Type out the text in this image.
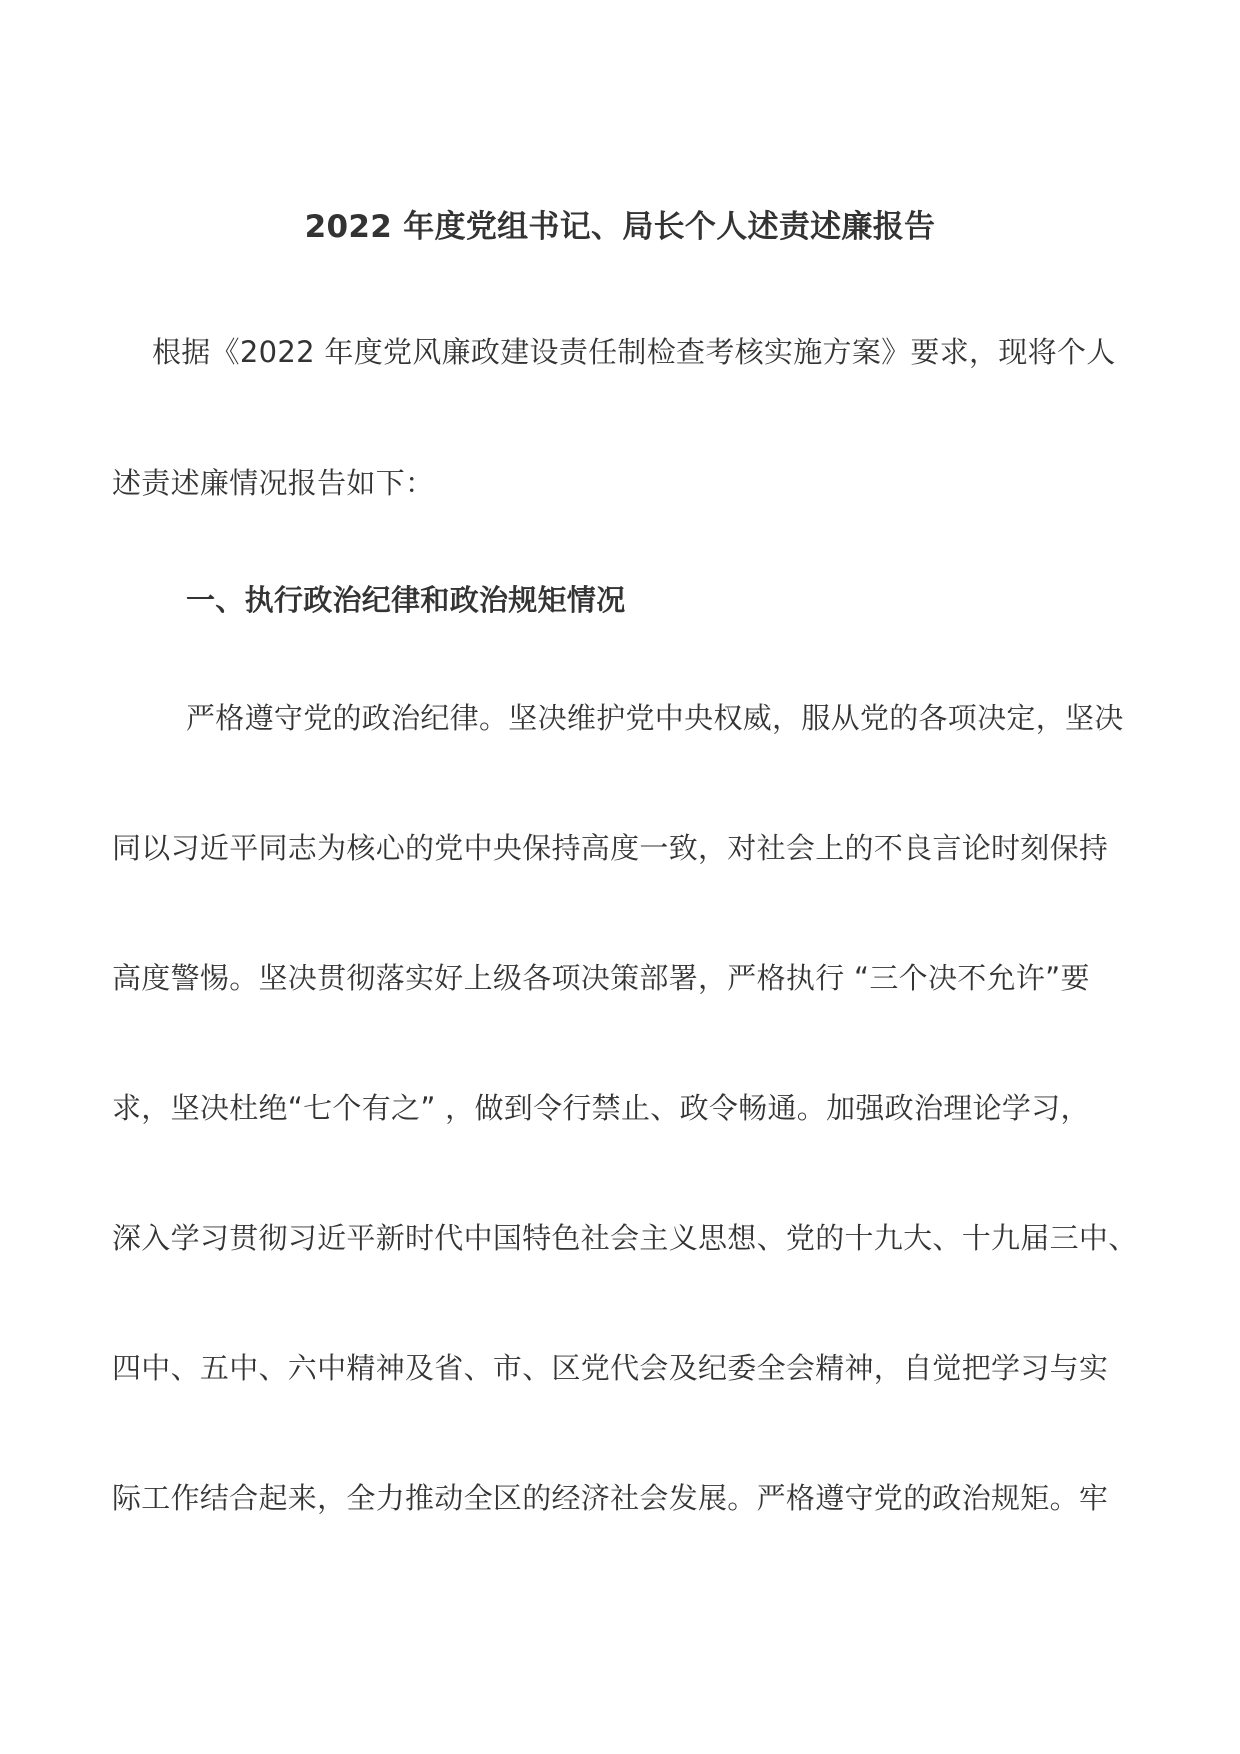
2022 年度党组书记、局长个人述责述廉报告

根据《2022 年度党风廉政建设责任制检查考核实施方案》要求，现将个人

述责述廉情况报告如下：

一、执行政治纪律和政治规矩情况

严格遵守党的政治纪律。坚决维护党中央权威，服从党的各项决定，坚决

同以习近平同志为核心的党中央保持高度一致，对社会上的不良言论时刻保持

高度警惕。坚决贯彻落实好上级各项决策部署，严格执行 “三个决不允许”要

求，坚决杜绝“七个有之” ，做到令行禁止、政令畅通。加强政治理论学习，

深入学习贯彻习近平新时代中国特色社会主义思想、党的十九大、十九届三中、

四中、五中、六中精神及省、市、区党代会及纪委全会精神，自觉把学习与实

际工作结合起来，全力推动全区的经济社会发展。严格遵守党的政治规矩。牢
